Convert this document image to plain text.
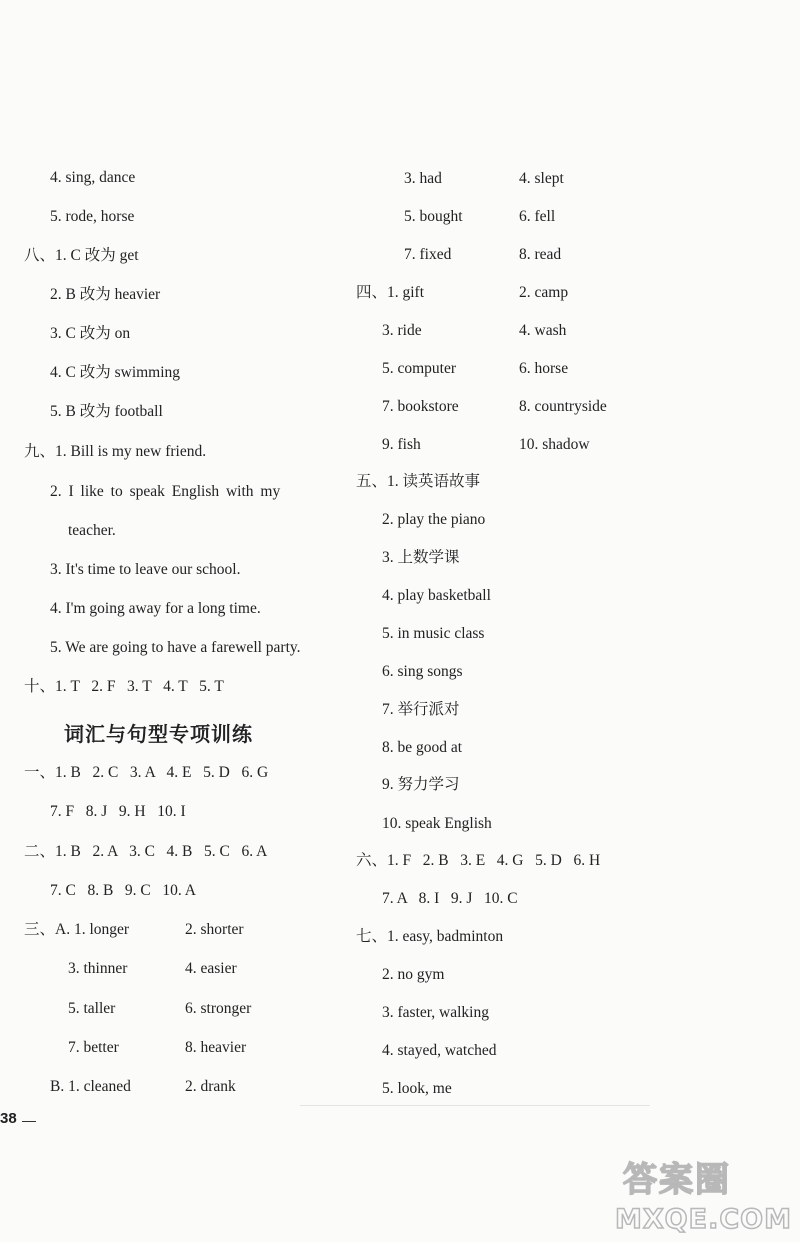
4. sing, dance
5. rode, horse
八、1. C 改为 get
2. B 改为 heavier
3. C 改为 on
4. C 改为 swimming
5. B 改为 football
九、1. Bill is my new friend.
2. I like to speak English with my
teacher.
3. It's time to leave our school.
4. I'm going away for a long time.
5. We are going to have a farewell party.
十、1. T   2. F   3. T   4. T   5. T
词汇与句型专项训练
一、1. B   2. C   3. A   4. E   5. D   6. G
7. F   8. J   9. H   10. I
二、1. B   2. A   3. C   4. B   5. C   6. A
7. C   8. B   9. C   10. A
三、A. 1. longer	2. shorter
3. thinner	4. easier
5. taller	6. stronger
7. better	8. heavier
B. 1. cleaned	2. drank
3. had	4. slept
5. bought	6. fell
7. fixed	8. read
四、1. gift	2. camp
3. ride	4. wash
5. computer	6. horse
7. bookstore	8. countryside
9. fish	10. shadow
五、1. 读英语故事
2. play the piano
3. 上数学课
4. play basketball
5. in music class
6. sing songs
7. 举行派对
8. be good at
9. 努力学习
10. speak English
六、1. F   2. B   3. E   4. G   5. D   6. H
7. A   8. I   9. J   10. C
七、1. easy, badminton
2. no gym
3. faster, walking
4. stayed, watched
5. look, me
38
答案圈
MXQE.COM
